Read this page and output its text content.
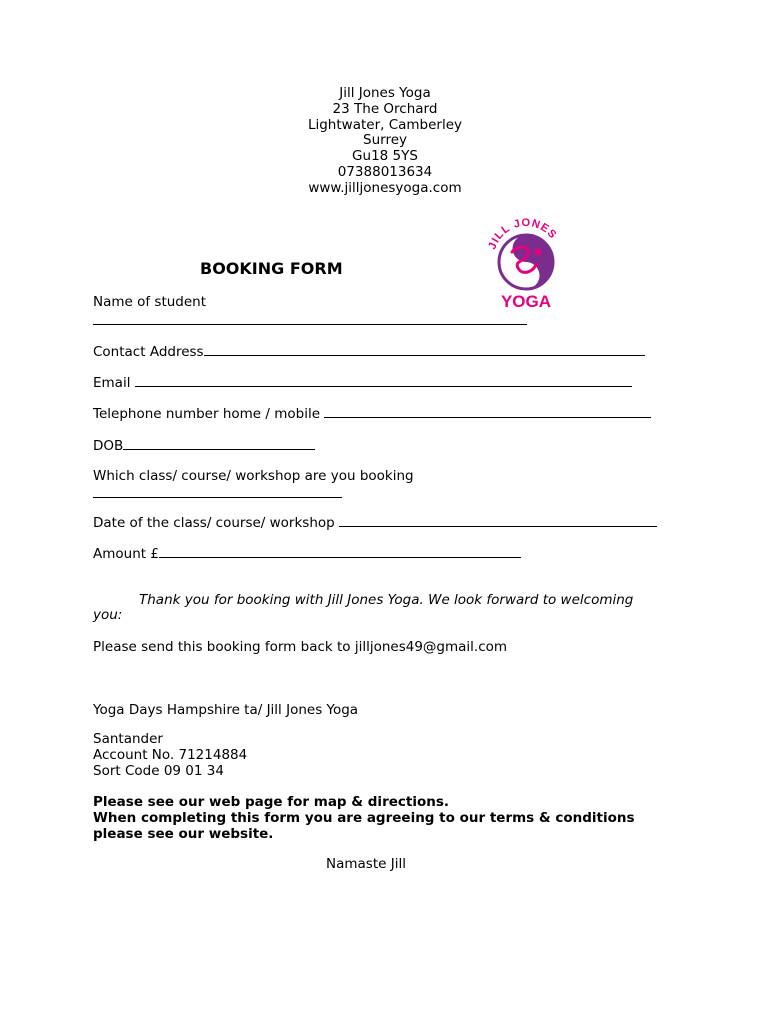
Jill Jones Yoga
23 The Orchard
Lightwater, Camberley
Surrey
Gu18 5YS
07388013634
www.jilljonesyoga.com
JILL JONES
YOGA
BOOKING FORM
Name of student
Contact Address
Email
Telephone number home / mobile
DOB
Which class/ course/ workshop are you booking
Date of the class/ course/ workshop
Amount £
Thank you for booking with Jill Jones Yoga. We look forward to welcoming
you:
Please send this booking form back to jilljones49@gmail.com
Yoga Days Hampshire ta/ Jill Jones Yoga
Santander
Account No. 71214884
Sort Code 09 01 34
Please see our web page for map & directions.
When completing this form you are agreeing to our terms & conditions
please see our website.
Namaste Jill
